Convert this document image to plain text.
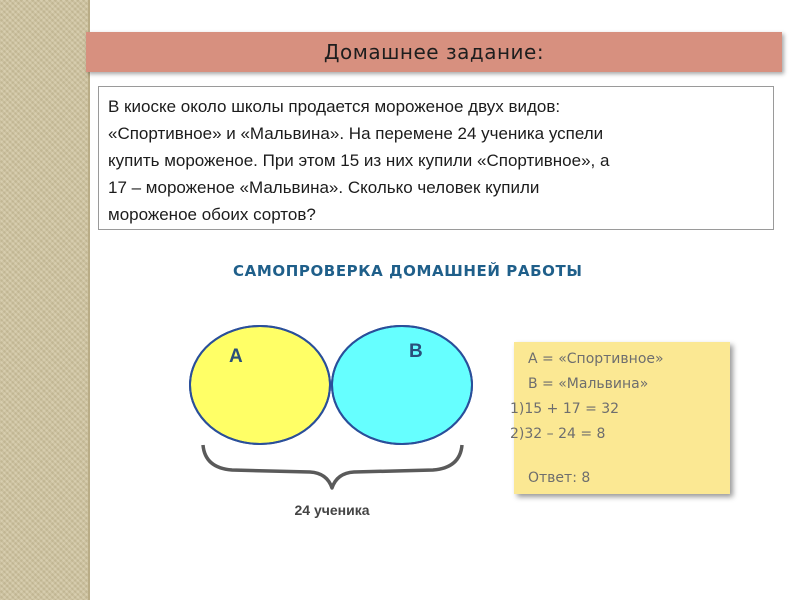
Домашнее задание:
В киоске около школы продается мороженое двух видов:
«Спортивное» и «Мальвина». На перемене 24 ученика успели
купить мороженое. При этом 15 из них купили «Спортивное», а
17 – мороженое «Мальвина». Сколько человек купили
мороженое обоих сортов?
САМОПРОВЕРКА ДОМАШНЕЙ РАБОТЫ
A	B
24 ученика
A = «Спортивное»
B = «Мальвина»
1)15 + 17 = 32
2)32 – 24 = 8
Ответ: 8
